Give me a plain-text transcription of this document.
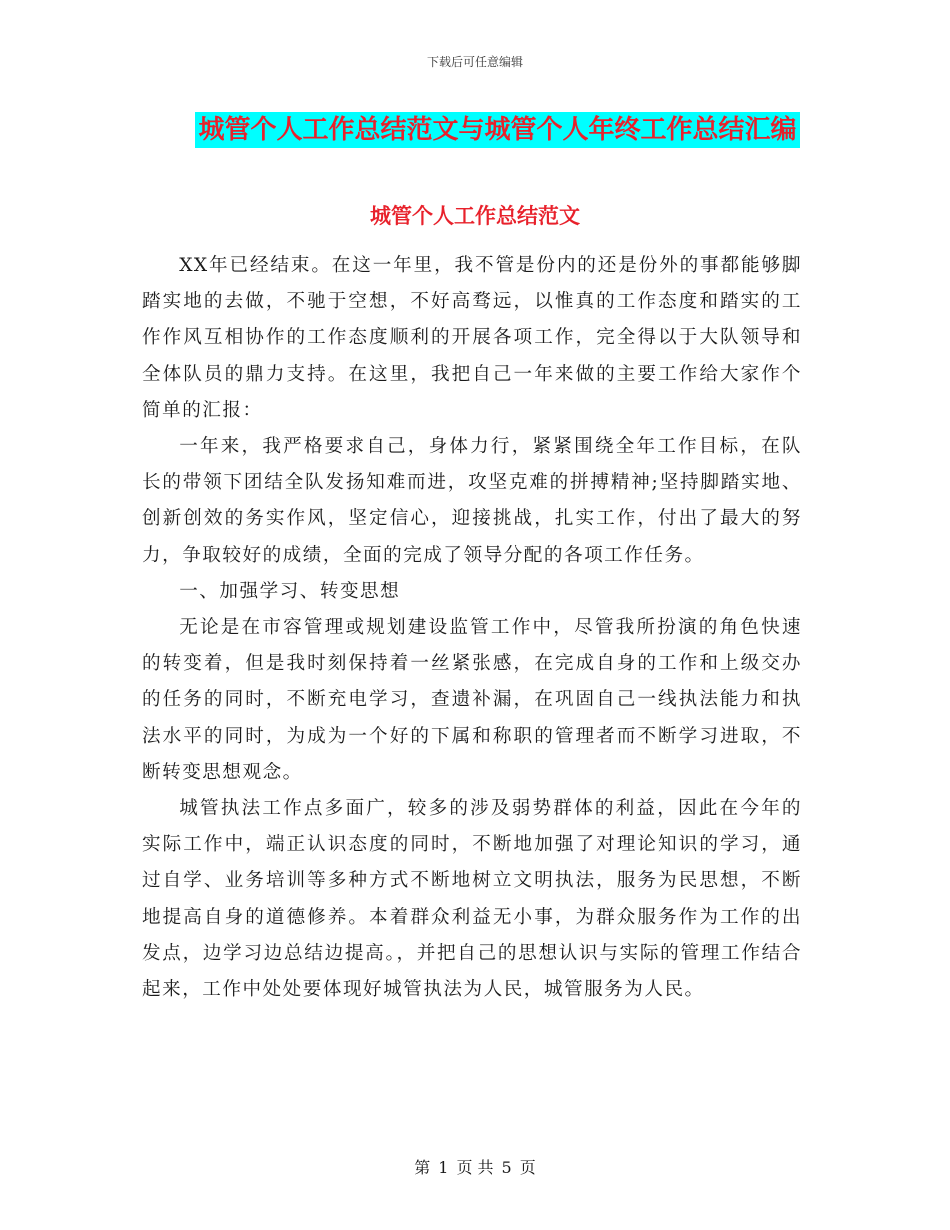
下载后可任意编辑
城管个人工作总结范文与城管个人年终工作总结汇编
城管个人工作总结范文

XX年已经结束。在这一年里，我不管是份内的还是份外的事都能够脚踏实地的去做，不驰于空想，不好高骛远，以惟真的工作态度和踏实的工作作风互相协作的工作态度顺利的开展各项工作，完全得以于大队领导和全体队员的鼎力支持。在这里，我把自己一年来做的主要工作给大家作个简单的汇报：

一年来，我严格要求自己，身体力行，紧紧围绕全年工作目标，在队长的带领下团结全队发扬知难而进，攻坚克难的拼搏精神;坚持脚踏实地、创新创效的务实作风，坚定信心，迎接挑战，扎实工作，付出了最大的努力，争取较好的成绩，全面的完成了领导分配的各项工作任务。

一、加强学习、转变思想

无论是在市容管理或规划建设监管工作中，尽管我所扮演的角色快速的转变着，但是我时刻保持着一丝紧张感，在完成自身的工作和上级交办的任务的同时，不断充电学习，查遗补漏，在巩固自己一线执法能力和执法水平的同时，为成为一个好的下属和称职的管理者而不断学习进取，不断转变思想观念。

城管执法工作点多面广，较多的涉及弱势群体的利益，因此在今年的实际工作中，端正认识态度的同时，不断地加强了对理论知识的学习，通过自学、业务培训等多种方式不断地树立文明执法，服务为民思想，不断地提高自身的道德修养。本着群众利益无小事，为群众服务作为工作的出发点，边学习边总结边提高。，并把自己的思想认识与实际的管理工作结合起来，工作中处处要体现好城管执法为人民，城管服务为人民。

第 1 页 共 5 页
